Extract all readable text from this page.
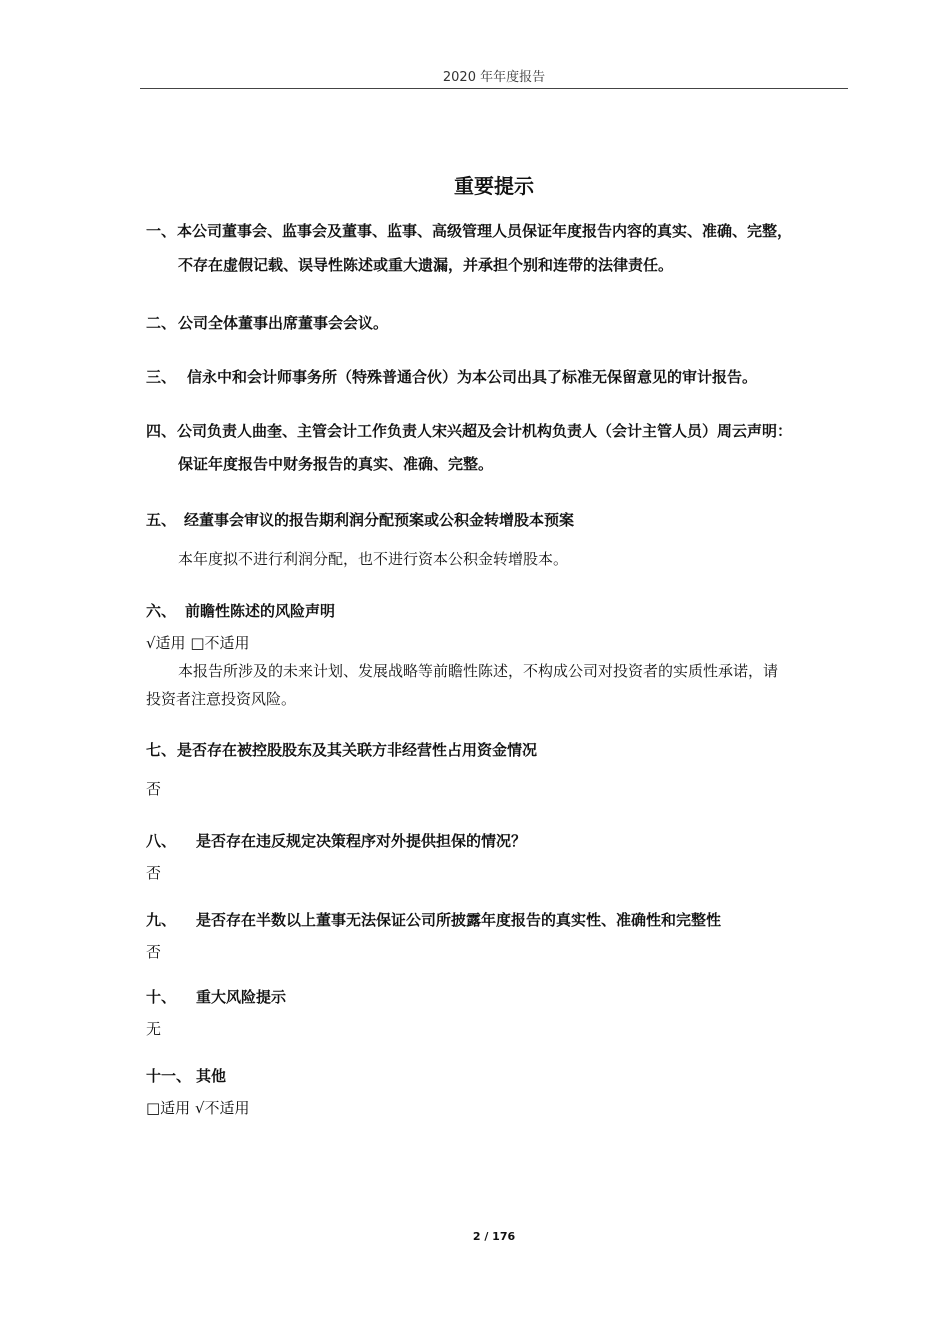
2020 年年度报告
重要提示
一、本公司董事会、监事会及董事、监事、高级管理人员保证年度报告内容的真实、准确、完整，
不存在虚假记载、误导性陈述或重大遗漏，并承担个别和连带的法律责任。
二、 公司全体董事出席董事会会议。
三、 信永中和会计师事务所（特殊普通合伙）为本公司出具了标准无保留意见的审计报告。
四、公司负责人曲奎、主管会计工作负责人宋兴超及会计机构负责人（会计主管人员）周云声明：
保证年度报告中财务报告的真实、准确、完整。
五、 经董事会审议的报告期利润分配预案或公积金转增股本预案
本年度拟不进行利润分配，也不进行资本公积金转增股本。
六、 前瞻性陈述的风险声明
√适用 □不适用
本报告所涉及的未来计划、发展战略等前瞻性陈述，不构成公司对投资者的实质性承诺，请
投资者注意投资风险。
七、是否存在被控股股东及其关联方非经营性占用资金情况
否
八、 是否存在违反规定决策程序对外提供担保的情况？
否
九、 是否存在半数以上董事无法保证公司所披露年度报告的真实性、准确性和完整性
否
十、 重大风险提示
无
十一、 其他
□适用 √不适用
2 / 176
